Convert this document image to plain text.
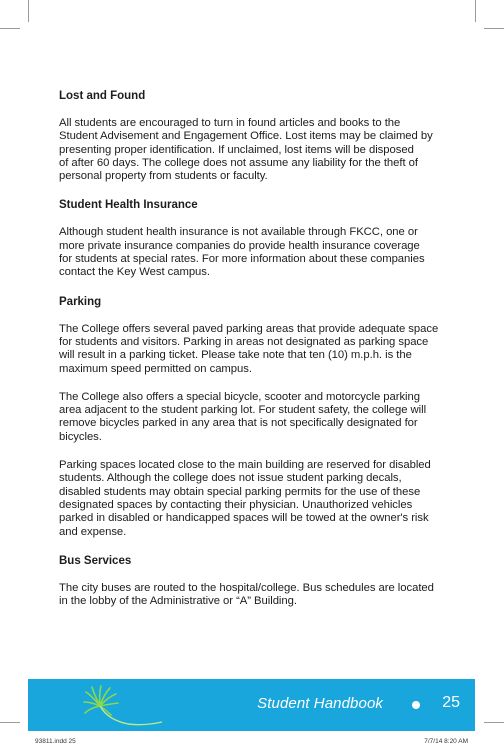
Lost and Found
All students are encouraged to turn in found articles and books to the
Student Advisement and Engagement Office. Lost items may be claimed by
presenting proper identification. If unclaimed, lost items will be disposed
of after 60 days. The college does not assume any liability for the theft of
personal property from students or faculty.
Student Health Insurance
Although student health insurance is not available through FKCC, one or
more private insurance companies do provide health insurance coverage
for students at special rates. For more information about these companies
contact the Key West campus.
Parking
The College offers several paved parking areas that provide adequate space
for students and visitors. Parking in areas not designated as parking space
will result in a parking ticket. Please take note that ten (10) m.p.h. is the
maximum speed permitted on campus.
The College also offers a special bicycle, scooter and motorcycle parking
area adjacent to the student parking lot. For student safety, the college will
remove bicycles parked in any area that is not specifically designated for
bicycles.
Parking spaces located close to the main building are reserved for disabled
students. Although the college does not issue student parking decals,
disabled students may obtain special parking permits for the use of these
designated spaces by contacting their physician. Unauthorized vehicles
parked in disabled or handicapped spaces will be towed at the owner's risk
and expense.
Bus Services
The city buses are routed to the hospital/college. Bus schedules are located
in the lobby of the Administrative or “A” Building.
Student Handbook	25
93811.indd 25	7/7/14 8:20 AM
